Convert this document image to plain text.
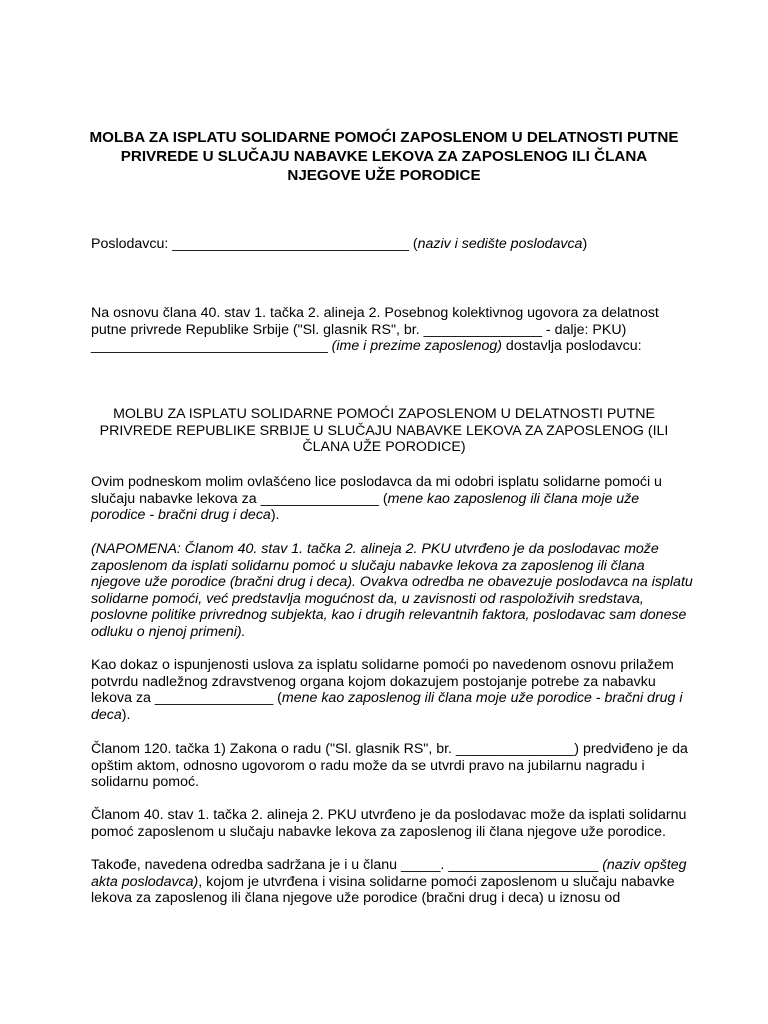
MOLBA ZA ISPLATU SOLIDARNE POMOĆI ZAPOSLENOM U DELATNOSTI PUTNE
PRIVREDE U SLUČAJU NABAVKE LEKOVA ZA ZAPOSLENOG ILI ČLANA
NJEGOVE UŽE PORODICE

Poslodavcu: ______________________________ (naziv i sedište poslodavca)

Na osnovu člana 40. stav 1. tačka 2. alineja 2. Posebnog kolektivnog ugovora za delatnost
putne privrede Republike Srbije ("Sl. glasnik RS", br. _______________ - dalje: PKU)
______________________________ (ime i prezime zaposlenog) dostavlja poslodavcu:

MOLBU ZA ISPLATU SOLIDARNE POMOĆI ZAPOSLENOM U DELATNOSTI PUTNE
PRIVREDE REPUBLIKE SRBIJE U SLUČAJU NABAVKE LEKOVA ZA ZAPOSLENOG (ILI
ČLANA UŽE PORODICE)

Ovim podneskom molim ovlašćeno lice poslodavca da mi odobri isplatu solidarne pomoći u
slučaju nabavke lekova za _______________ (mene kao zaposlenog ili člana moje uže
porodice - bračni drug i deca).

(NAPOMENA: Članom 40. stav 1. tačka 2. alineja 2. PKU utvrđeno je da poslodavac može
zaposlenom da isplati solidarnu pomoć u slučaju nabavke lekova za zaposlenog ili člana
njegove uže porodice (bračni drug i deca). Ovakva odredba ne obavezuje poslodavca na isplatu
solidarne pomoći, već predstavlja mogućnost da, u zavisnosti od raspoloživih sredstava,
poslovne politike privrednog subjekta, kao i drugih relevantnih faktora, poslodavac sam donese
odluku o njenoj primeni).

Kao dokaz o ispunjenosti uslova za isplatu solidarne pomoći po navedenom osnovu prilažem
potvrdu nadležnog zdravstvenog organa kojom dokazujem postojanje potrebe za nabavku
lekova za _______________ (mene kao zaposlenog ili člana moje uže porodice - bračni drug i
deca).

Članom 120. tačka 1) Zakona o radu ("Sl. glasnik RS", br. _______________) predviđeno je da
opštim aktom, odnosno ugovorom o radu može da se utvrdi pravo na jubilarnu nagradu i
solidarnu pomoć.

Članom 40. stav 1. tačka 2. alineja 2. PKU utvrđeno je da poslodavac može da isplati solidarnu
pomoć zaposlenom u slučaju nabavke lekova za zaposlenog ili člana njegove uže porodice.

Takođe, navedena odredba sadržana je i u članu _____. ___________________ (naziv opšteg
akta poslodavca), kojom je utvrđena i visina solidarne pomoći zaposlenom u slučaju nabavke
lekova za zaposlenog ili člana njegove uže porodice (bračni drug i deca) u iznosu od
